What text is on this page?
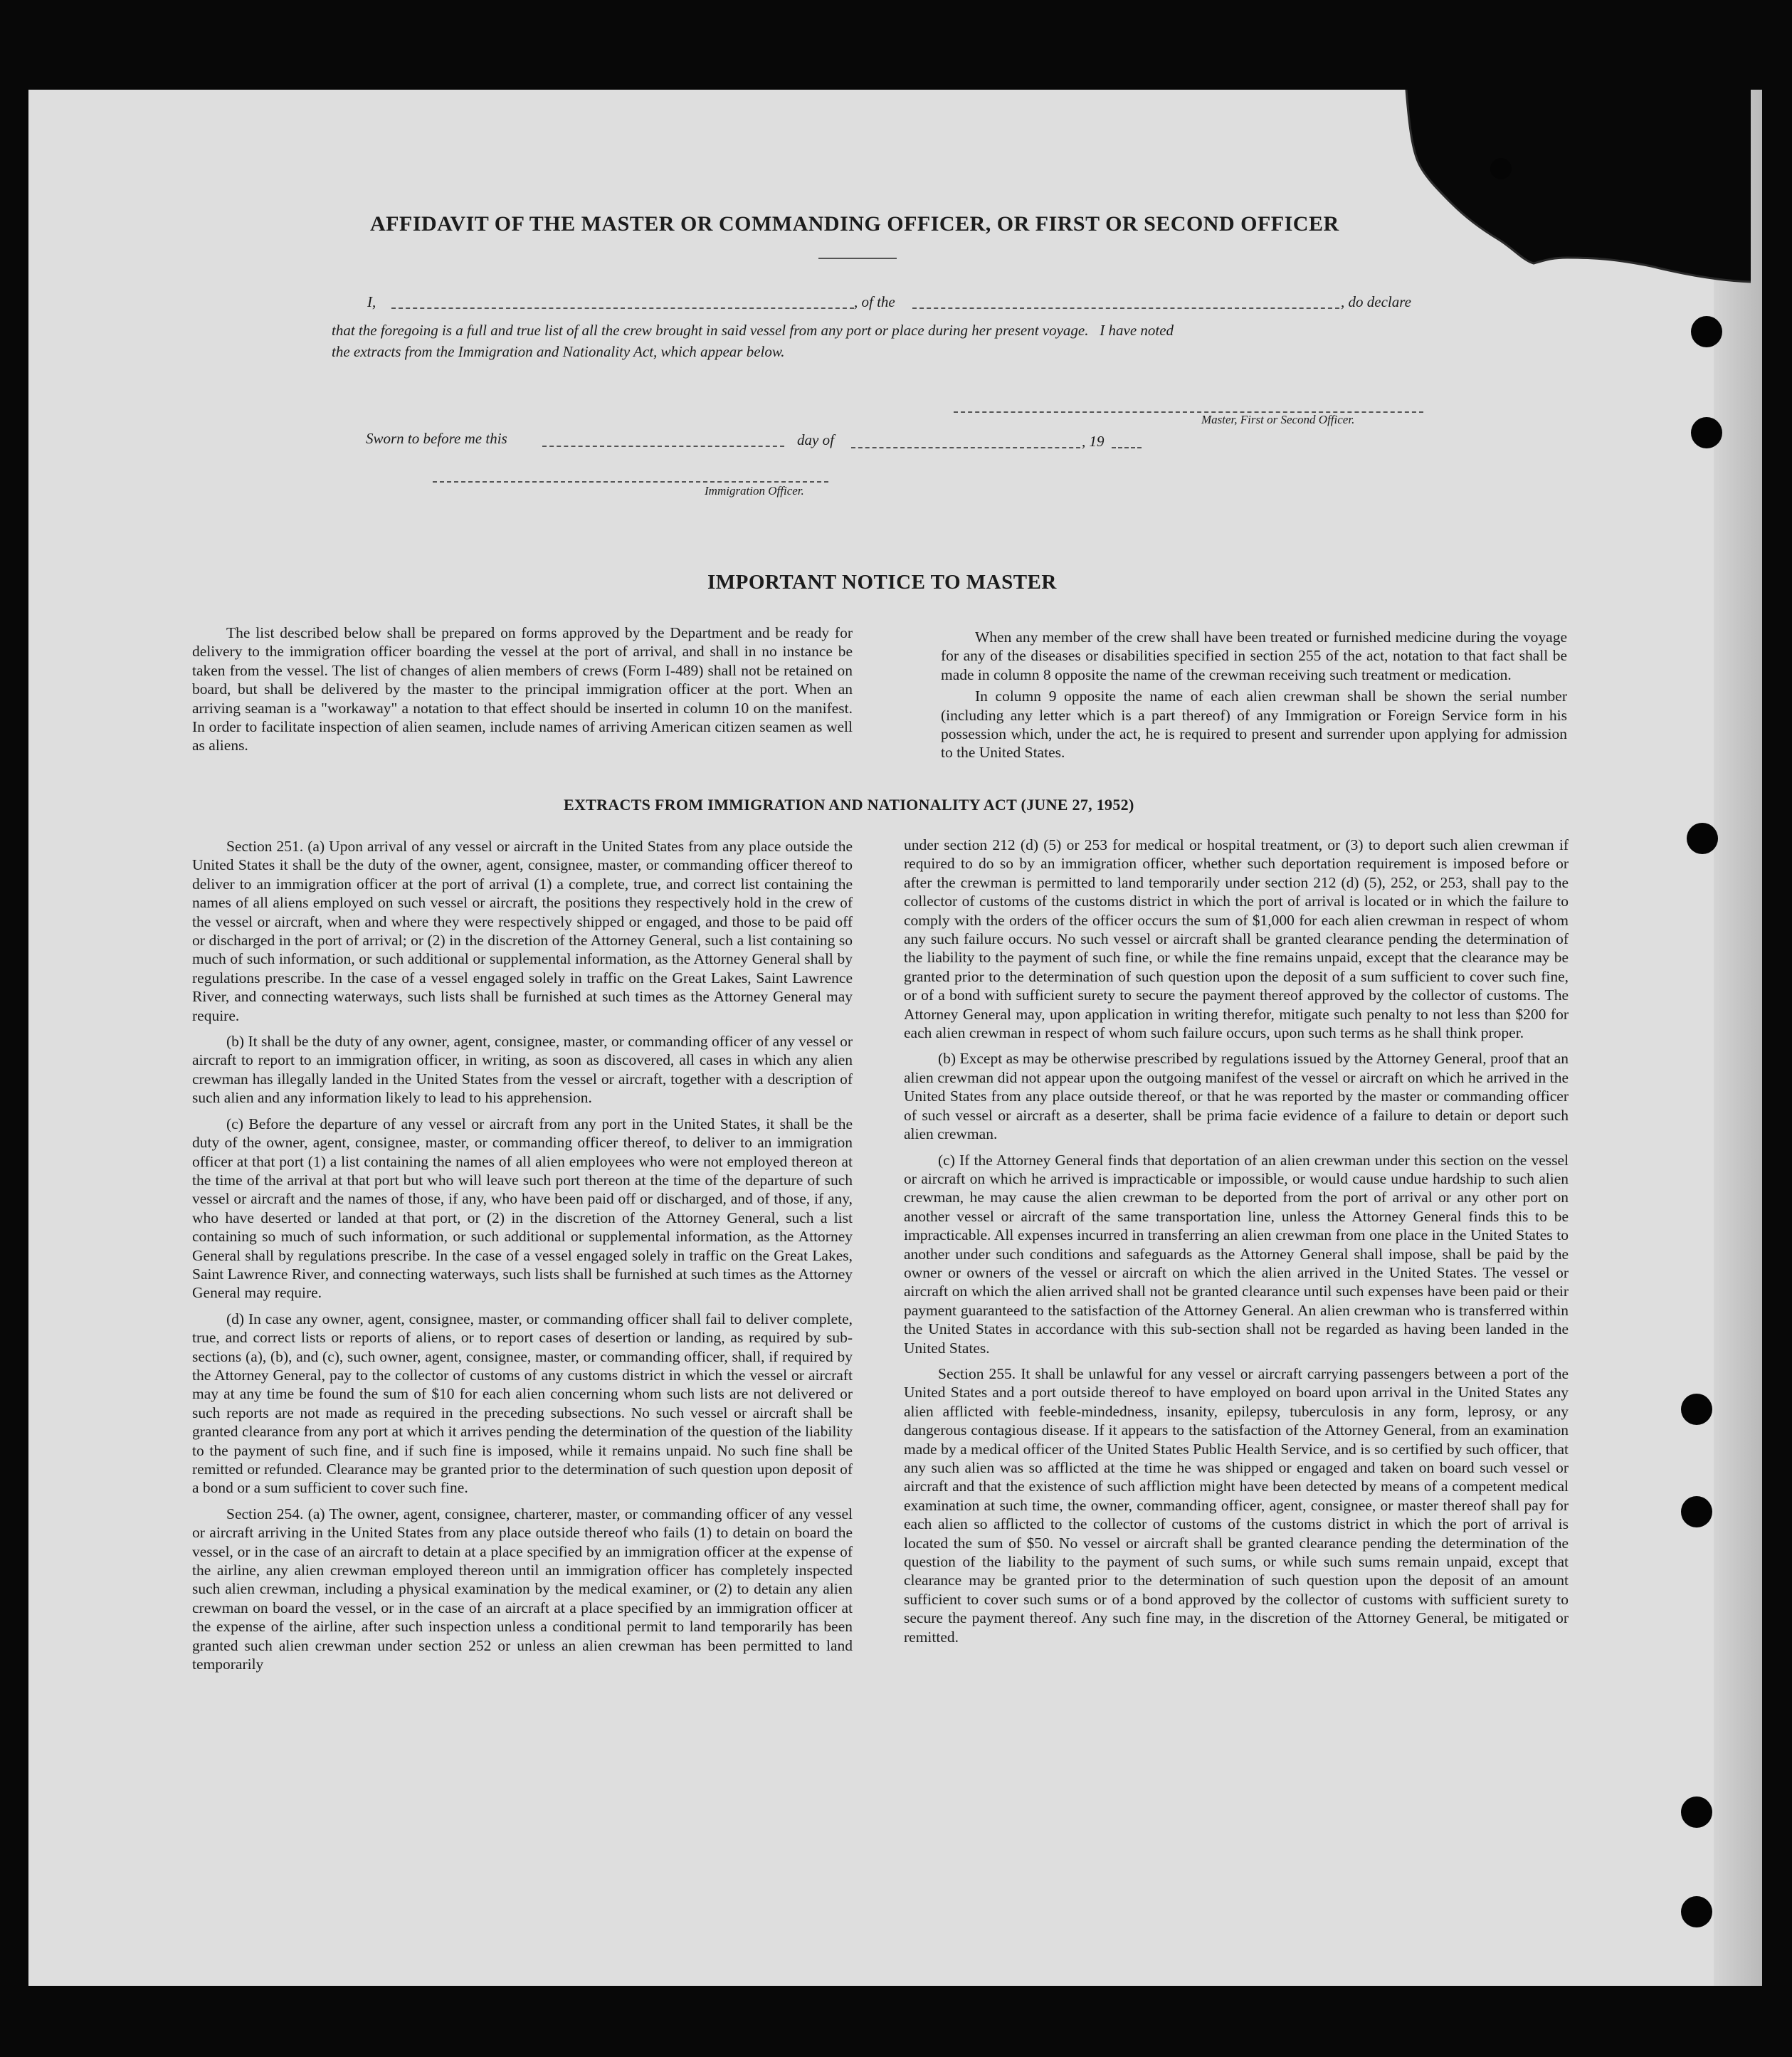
AFFIDAVIT OF THE MASTER OR COMMANDING OFFICER, OR FIRST OR SECOND OFFICER
I,	, of the	, do declare
that the foregoing is a full and true list of all the crew brought in said vessel from any port or place during her present voyage.   I have noted
the extracts from the Immigration and Nationality Act, which appear below.
Master, First or Second Officer.
Sworn to before me this	day of	, 19
Immigration Officer.
IMPORTANT NOTICE TO MASTER

The list described below shall be prepared on forms approved by the Department and be ready for delivery to the immigration officer boarding the vessel at the port of arrival, and shall in no instance be taken from the vessel. The list of changes of alien members of crews (Form I-489) shall not be retained on board, but shall be delivered by the master to the principal immigration officer at the port. When an arriving seaman is a "workaway" a notation to that effect should be inserted in column 10 on the manifest. In order to facilitate inspection of alien seamen, include names of arriving American citizen seamen as well as aliens.

When any member of the crew shall have been treated or furnished medicine during the voyage for any of the diseases or disabilities specified in section 255 of the act, notation to that fact shall be made in column 8 opposite the name of the crewman receiving such treatment or medication.

In column 9 opposite the name of each alien crewman shall be shown the serial number (including any letter which is a part thereof) of any Immigration or Foreign Service form in his possession which, under the act, he is required to present and surrender upon applying for admission to the United States.

EXTRACTS FROM IMMIGRATION AND NATIONALITY ACT (JUNE 27, 1952)

Section 251. (a) Upon arrival of any vessel or aircraft in the United States from any place outside the United States it shall be the duty of the owner, agent, consignee, master, or commanding officer thereof to deliver to an immigration officer at the port of arrival (1) a complete, true, and correct list containing the names of all aliens employed on such vessel or aircraft, the positions they respectively hold in the crew of the vessel or aircraft, when and where they were respectively shipped or engaged, and those to be paid off or discharged in the port of arrival; or (2) in the discretion of the Attorney General, such a list containing so much of such information, or such additional or supplemental information, as the Attorney General shall by regulations prescribe. In the case of a vessel engaged solely in traffic on the Great Lakes, Saint Lawrence River, and connecting waterways, such lists shall be furnished at such times as the Attorney General may require.

(b) It shall be the duty of any owner, agent, consignee, master, or commanding officer of any vessel or aircraft to report to an immigration officer, in writing, as soon as discovered, all cases in which any alien crewman has illegally landed in the United States from the vessel or aircraft, together with a description of such alien and any information likely to lead to his apprehension.

(c) Before the departure of any vessel or aircraft from any port in the United States, it shall be the duty of the owner, agent, consignee, master, or commanding officer thereof, to deliver to an immigration officer at that port (1) a list containing the names of all alien employees who were not employed thereon at the time of the arrival at that port but who will leave such port thereon at the time of the departure of such vessel or aircraft and the names of those, if any, who have been paid off or discharged, and of those, if any, who have deserted or landed at that port, or (2) in the discretion of the Attorney General, such a list containing so much of such information, or such additional or supplemental information, as the Attorney General shall by regulations prescribe. In the case of a vessel engaged solely in traffic on the Great Lakes, Saint Lawrence River, and connecting waterways, such lists shall be furnished at such times as the Attorney General may require.

(d) In case any owner, agent, consignee, master, or commanding officer shall fail to deliver complete, true, and correct lists or reports of aliens, or to report cases of desertion or landing, as required by sub-sections (a), (b), and (c), such owner, agent, consignee, master, or commanding officer, shall, if required by the Attorney General, pay to the collector of customs of any customs district in which the vessel or aircraft may at any time be found the sum of $10 for each alien concerning whom such lists are not delivered or such reports are not made as required in the preceding subsections. No such vessel or aircraft shall be granted clearance from any port at which it arrives pending the determination of the question of the liability to the payment of such fine, and if such fine is imposed, while it remains unpaid. No such fine shall be remitted or refunded. Clearance may be granted prior to the determination of such question upon deposit of a bond or a sum sufficient to cover such fine.

Section 254. (a) The owner, agent, consignee, charterer, master, or commanding officer of any vessel or aircraft arriving in the United States from any place outside thereof who fails (1) to detain on board the vessel, or in the case of an aircraft to detain at a place specified by an immigration officer at the expense of the airline, any alien crewman employed thereon until an immigration officer has completely inspected such alien crewman, including a physical examination by the medical examiner, or (2) to detain any alien crewman on board the vessel, or in the case of an aircraft at a place specified by an immigration officer at the expense of the airline, after such inspection unless a conditional permit to land temporarily has been granted such alien crewman under section 252 or unless an alien crewman has been permitted to land temporarily

under section 212 (d) (5) or 253 for medical or hospital treatment, or (3) to deport such alien crewman if required to do so by an immigration officer, whether such deportation requirement is imposed before or after the crewman is permitted to land temporarily under section 212 (d) (5), 252, or 253, shall pay to the collector of customs of the customs district in which the port of arrival is located or in which the failure to comply with the orders of the officer occurs the sum of $1,000 for each alien crewman in respect of whom any such failure occurs. No such vessel or aircraft shall be granted clearance pending the determination of the liability to the payment of such fine, or while the fine remains unpaid, except that the clearance may be granted prior to the determination of such question upon the deposit of a sum sufficient to cover such fine, or of a bond with sufficient surety to secure the payment thereof approved by the collector of customs. The Attorney General may, upon application in writing therefor, mitigate such penalty to not less than $200 for each alien crewman in respect of whom such failure occurs, upon such terms as he shall think proper.

(b) Except as may be otherwise prescribed by regulations issued by the Attorney General, proof that an alien crewman did not appear upon the outgoing manifest of the vessel or aircraft on which he arrived in the United States from any place outside thereof, or that he was reported by the master or commanding officer of such vessel or aircraft as a deserter, shall be prima facie evidence of a failure to detain or deport such alien crewman.

(c) If the Attorney General finds that deportation of an alien crewman under this section on the vessel or aircraft on which he arrived is impracticable or impossible, or would cause undue hardship to such alien crewman, he may cause the alien crewman to be deported from the port of arrival or any other port on another vessel or aircraft of the same transportation line, unless the Attorney General finds this to be impracticable. All expenses incurred in transferring an alien crewman from one place in the United States to another under such conditions and safeguards as the Attorney General shall impose, shall be paid by the owner or owners of the vessel or aircraft on which the alien arrived in the United States. The vessel or aircraft on which the alien arrived shall not be granted clearance until such expenses have been paid or their payment guaranteed to the satisfaction of the Attorney General. An alien crewman who is transferred within the United States in accordance with this sub-section shall not be regarded as having been landed in the United States.

Section 255. It shall be unlawful for any vessel or aircraft carrying passengers between a port of the United States and a port outside thereof to have employed on board upon arrival in the United States any alien afflicted with feeble-mindedness, insanity, epilepsy, tuberculosis in any form, leprosy, or any dangerous contagious disease. If it appears to the satisfaction of the Attorney General, from an examination made by a medical officer of the United States Public Health Service, and is so certified by such officer, that any such alien was so afflicted at the time he was shipped or engaged and taken on board such vessel or aircraft and that the existence of such affliction might have been detected by means of a competent medical examination at such time, the owner, commanding officer, agent, consignee, or master thereof shall pay for each alien so afflicted to the collector of customs of the customs district in which the port of arrival is located the sum of $50. No vessel or aircraft shall be granted clearance pending the determination of the question of the liability to the payment of such sums, or while such sums remain unpaid, except that clearance may be granted prior to the determination of such question upon the deposit of an amount sufficient to cover such sums or of a bond approved by the collector of customs with sufficient surety to secure the payment thereof. Any such fine may, in the discretion of the Attorney General, be mitigated or remitted.
